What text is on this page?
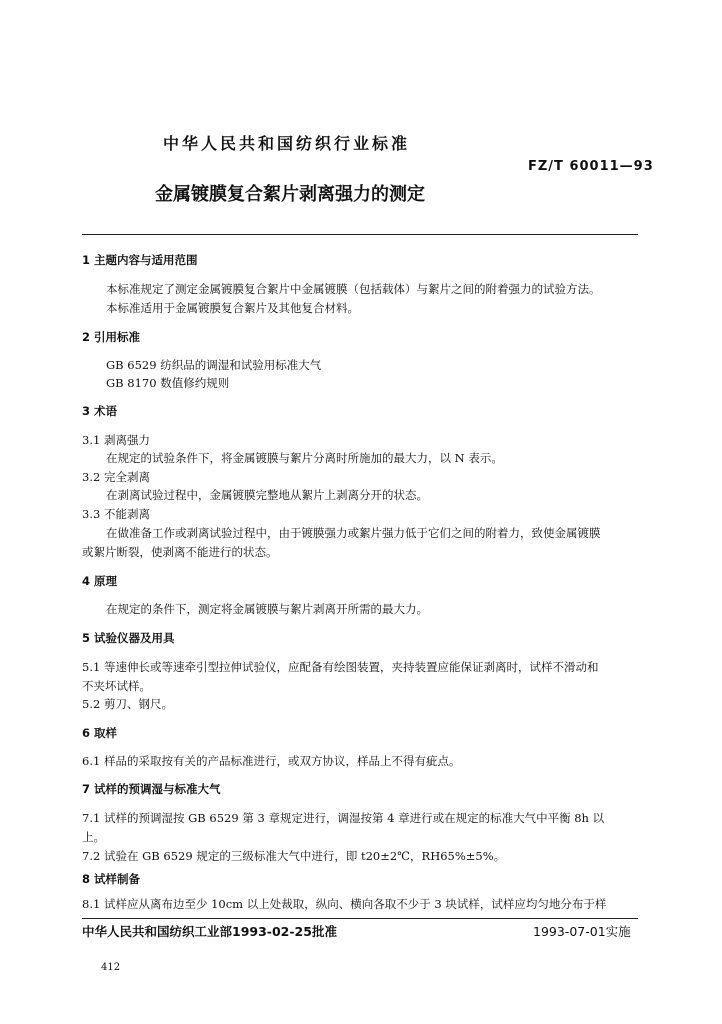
中华人民共和国纺织行业标准
FZ/T 60011—93
金属镀膜复合絮片剥离强力的测定
1 主题内容与适用范围
本标准规定了测定金属镀膜复合絮片中金属镀膜（包括载体）与絮片之间的附着强力的试验方法。
本标准适用于金属镀膜复合絮片及其他复合材料。
2 引用标准
GB 6529 纺织品的调湿和试验用标准大气
GB 8170 数值修约规则
3 术语
3.1 剥离强力
在规定的试验条件下，将金属镀膜与絮片分离时所施加的最大力，以 N 表示。
3.2 完全剥离
在剥离试验过程中，金属镀膜完整地从絮片上剥离分开的状态。
3.3 不能剥离
在做准备工作或剥离试验过程中，由于镀膜强力或絮片强力低于它们之间的附着力，致使金属镀膜
或絮片断裂，使剥离不能进行的状态。
4 原理
在规定的条件下，测定将金属镀膜与絮片剥离开所需的最大力。
5 试验仪器及用具
5.1 等速伸长或等速牵引型拉伸试验仪，应配备有绘图装置，夹持装置应能保证剥离时，试样不滑动和
不夹坏试样。
5.2 剪刀、钢尺。
6 取样
6.1 样品的采取按有关的产品标准进行，或双方协议，样品上不得有疵点。
7 试样的预调湿与标准大气
7.1 试样的预调湿按 GB 6529 第 3 章规定进行，调湿按第 4 章进行或在规定的标准大气中平衡 8h 以
上。
7.2 试验在 GB 6529 规定的三级标准大气中进行，即 t20±2℃，RH65%±5%。
8 试样制备
8.1 试样应从离布边至少 10cm 以上处裁取，纵向、横向各取不少于 3 块试样，试样应均匀地分布于样
中华人民共和国纺织工业部1993-02-25批准	1993-07-01实施
412
